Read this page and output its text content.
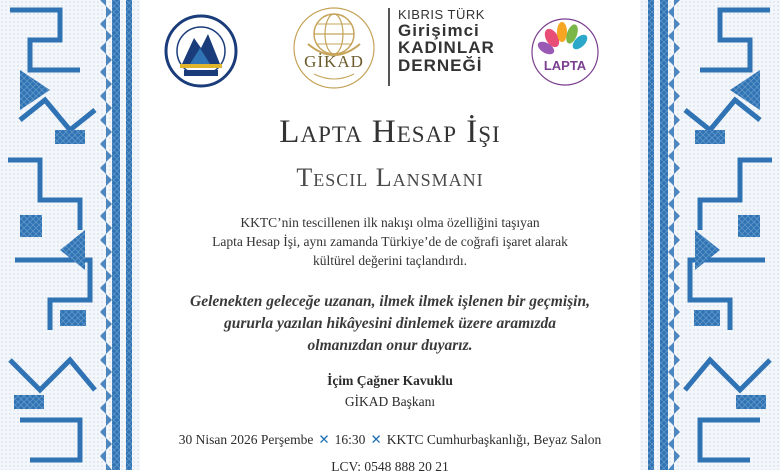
GİKAD
KIBRIS TÜRK
Girişimci
KADINLAR
DERNEĞİ	LAPTA
Lapta Hesap İşi
Tescil Lansmanı
KKTC’nin tescillenen ilk nakışı olma özelliğini taşıyan
Lapta Hesap İşi, aynı zamanda Türkiye’de de coğrafi işaret alarak
kültürel değerini taçlandırdı.
Gelenekten geleceğe uzanan, ilmek ilmek işlenen bir geçmişin,
gururla yazılan hikâyesini dinlemek üzere aramızda
olmanızdan onur duyarız.
İçim Çağner Kavuklu
GİKAD Başkanı
30 Nisan 2026 Perşembe ✕ 16:30 ✕ KKTC Cumhurbaşkanlığı, Beyaz Salon
LCV: 0548 888 20 21
